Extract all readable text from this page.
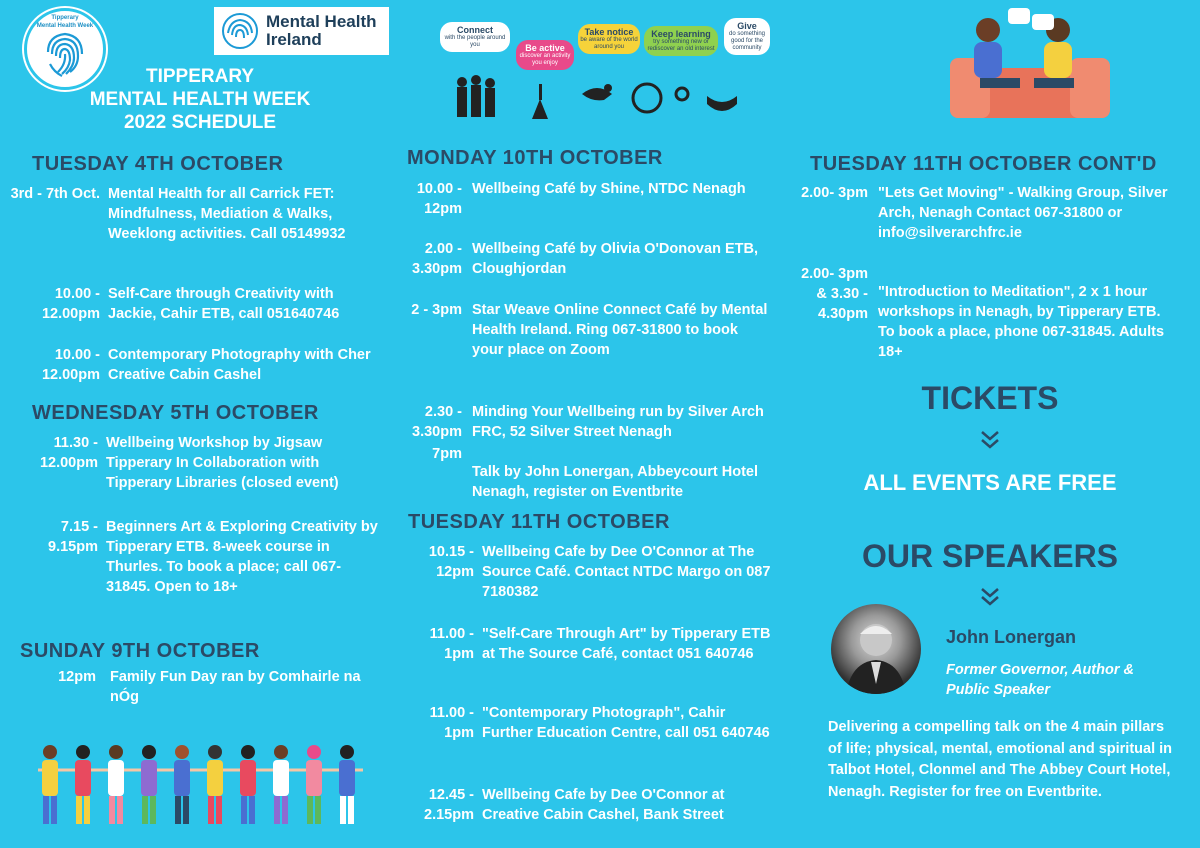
Tipperary
Mental Health Week	Mental Health
Ireland
TIPPERARY
MENTAL HEALTH WEEK
2022 SCHEDULE
TUESDAY 4TH OCTOBER
3rd - 7th Oct. Mental Health for all Carrick FET: Mindfulness, Mediation & Walks, Weeklong activities. Call 05149932
10.00 - 12.00pm
Self-Care through Creativity with Jackie, Cahir ETB, call 051640746
10.00 - 12.00pm
Contemporary Photography with Cher Creative Cabin Cashel
WEDNESDAY 5TH OCTOBER
11.30 - 12.00pm
Wellbeing Workshop by Jigsaw Tipperary In Collaboration with Tipperary Libraries (closed event)
7.15 - 9.15pm
Beginners Art & Exploring Creativity by Tipperary ETB. 8-week course in Thurles. To book a place; call 067-31845. Open to 18+
SUNDAY 9TH OCTOBER
12pm Family Fun Day ran by Comhairle na nÓg
Connect
with the people around you	Be active
discover an activity you enjoy
Take notice
be aware of the world around you
Keep learning
try something new or rediscover an old interest
Give
do something good for the community
MONDAY 10TH OCTOBER
10.00 - 12pm
Wellbeing Café by Shine, NTDC Nenagh
2.00 - 3.30pm
Wellbeing Café by Olivia O'Donovan ETB, Cloughjordan
2 - 3pm Star Weave Online Connect Café by Mental Health Ireland. Ring 067-31800 to book your place on Zoom
2.30 - 3.30pm
Minding Your Wellbeing run by Silver Arch FRC, 52 Silver Street Nenagh
7pm
Talk by John Lonergan, Abbeycourt Hotel Nenagh, register on Eventbrite
TUESDAY 11TH OCTOBER
10.15 - 12pm
Wellbeing Cafe by Dee O'Connor at The Source Café. Contact NTDC Margo on 087 7180382
11.00 - 1pm
"Self-Care Through Art" by Tipperary ETB at The Source Café, contact 051 640746
11.00 - 1pm
"Contemporary Photograph", Cahir Further Education Centre, call 051 640746
12.45 - 2.15pm
Wellbeing Cafe by Dee O'Connor at Creative Cabin Cashel, Bank Street
TUESDAY 11TH OCTOBER CONT'D
2.00- 3pm "Lets Get Moving" - Walking Group, Silver Arch, Nenagh Contact 067-31800 or info@silverarchfrc.ie
2.00- 3pm & 3.30 - 4.30pm
"Introduction to Meditation", 2 x 1 hour workshops in Nenagh, by Tipperary ETB. To book a place, phone 067-31845. Adults 18+
TICKETS
ALL EVENTS ARE FREE
OUR SPEAKERS
John Lonergan
Former Governor, Author & Public Speaker
Delivering a compelling talk on the 4 main pillars of life; physical, mental, emotional and spiritual in Talbot Hotel, Clonmel and The Abbey Court Hotel, Nenagh. Register for free on Eventbrite.
